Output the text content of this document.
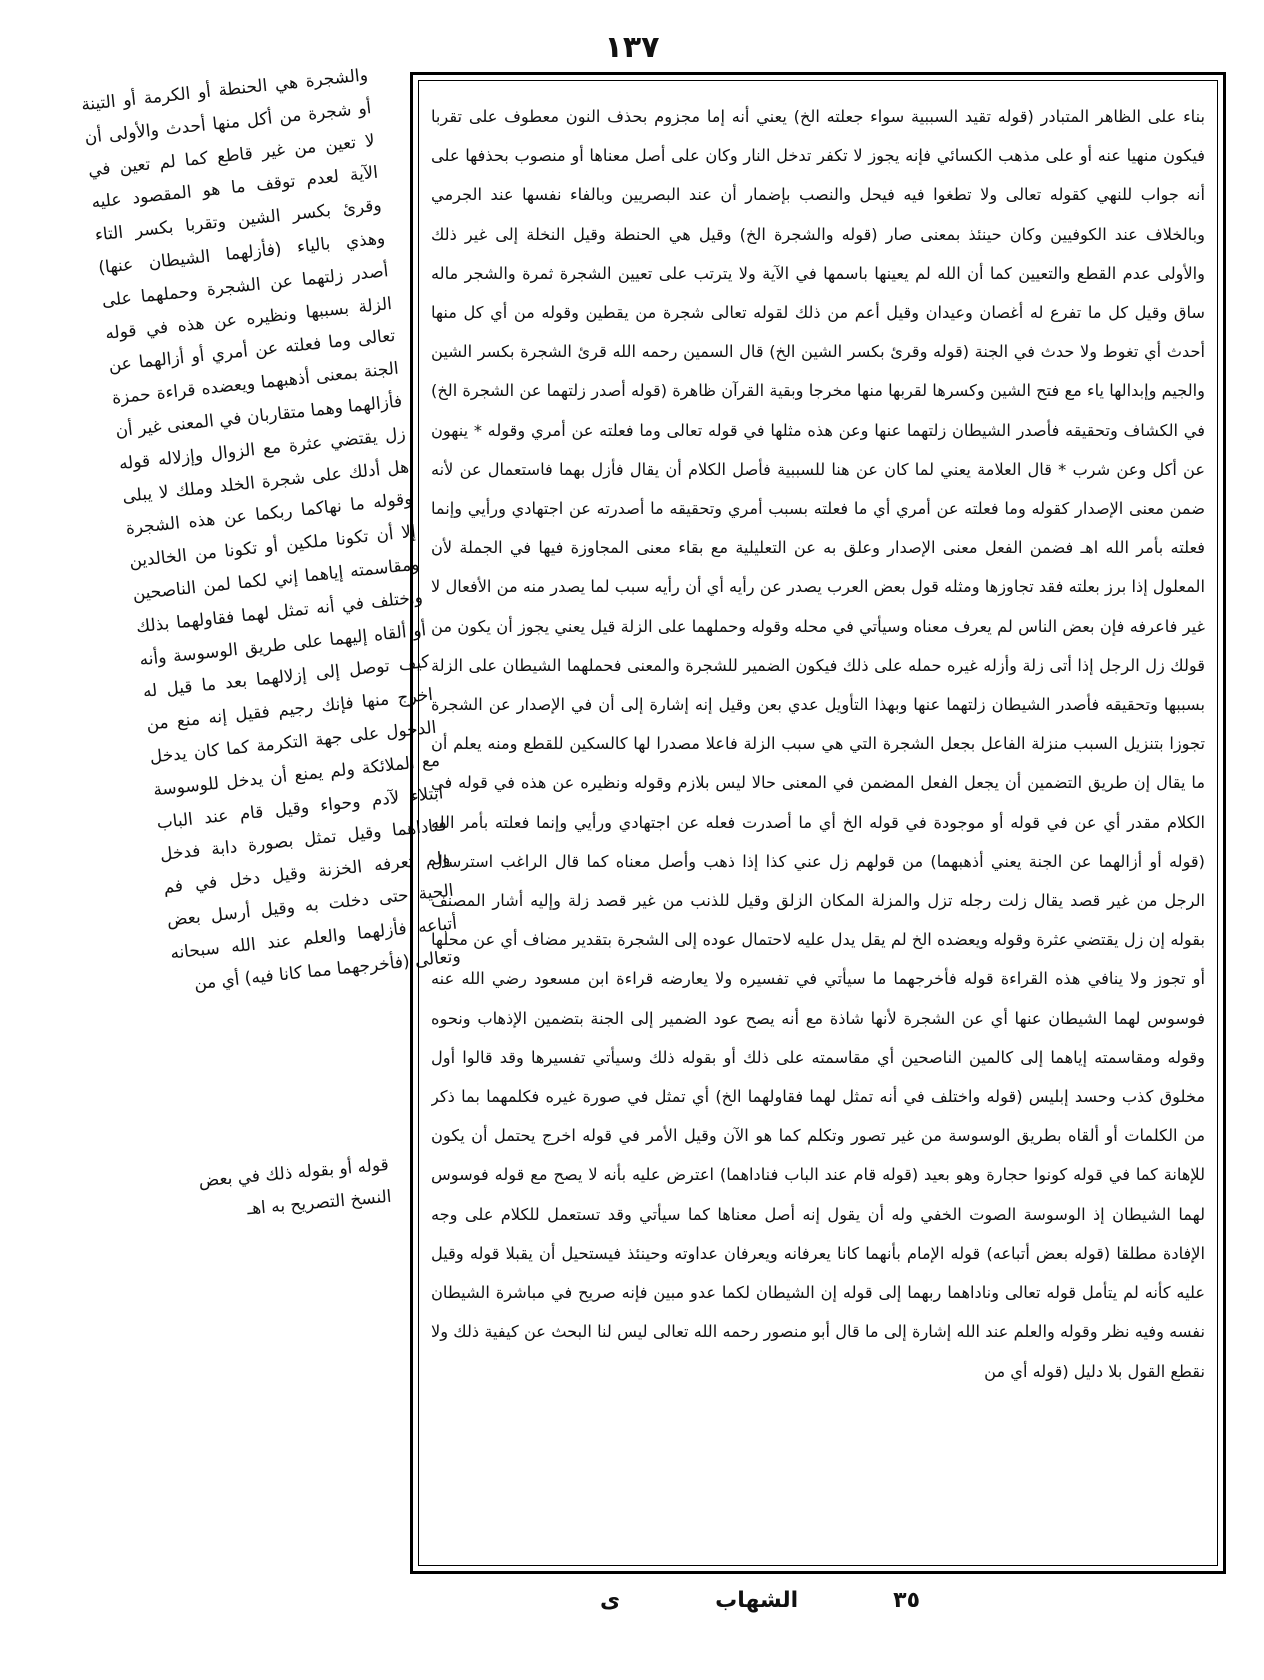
١٣٧
والشجرة هي الحنطة أو الكرمة أو التينة أو شجرة من أكل منها أحدث والأولى أن لا تعين من غير قاطع كما لم تعين في الآية لعدم توقف ما هو المقصود عليه وقرئ بكسر الشين وتقربا بكسر التاء وهذي بالياء (فأزلهما الشيطان عنها) أصدر زلتهما عن الشجرة وحملهما على الزلة بسببها ونظيره عن هذه في قوله تعالى وما فعلته عن أمري أو أزالهما عن الجنة بمعنى أذهبهما ويعضده قراءة حمزة فأزالهما وهما متقاربان في المعنى غير أن زل يقتضي عثرة مع الزوال وإزلاله قوله هل أدلك على شجرة الخلد وملك لا يبلى وقوله ما نهاكما ربكما عن هذه الشجرة إلا أن تكونا ملكين أو تكونا من الخالدين ومقاسمته إياهما إني لكما لمن الناصحين واختلف في أنه تمثل لهما فقاولهما بذلك أو ألقاه إليهما على طريق الوسوسة وأنه كيف توصل إلى إزلالهما بعد ما قيل له اخرج منها فإنك رجيم فقيل إنه منع من الدخول على جهة التكرمة كما كان يدخل مع الملائكة ولم يمنع أن يدخل للوسوسة ابتلاء لآدم وحواء وقيل قام عند الباب فناداهما وقيل تمثل بصورة دابة فدخل ولم تعرفه الخزنة وقيل دخل في فم الحية حتى دخلت به وقيل أرسل بعض أتباعه فأزلهما والعلم عند الله سبحانه وتعالى (فأخرجهما مما كانا فيه) أي من
قوله أو بقوله ذلك في بعض النسخ التصريح به اهـ
بناء على الظاهر المتبادر (قوله تقيد السببية سواء جعلته الخ) يعني أنه إما مجزوم بحذف النون معطوف على تقربا فيكون منهيا عنه أو على مذهب الكسائي فإنه يجوز لا تكفر تدخل النار وكان على أصل معناها أو منصوب بحذفها على أنه جواب للنهي كقوله تعالى ولا تطغوا فيه فيحل والنصب بإضمار أن عند البصريين وبالفاء نفسها عند الجرمي وبالخلاف عند الكوفيين وكان حينئذ بمعنى صار (قوله والشجرة الخ) وقيل هي الحنطة وقيل النخلة إلى غير ذلك والأولى عدم القطع والتعيين كما أن الله لم يعينها باسمها في الآية ولا يترتب على تعيين الشجرة ثمرة والشجر ماله ساق وقيل كل ما تفرع له أغصان وعيدان وقيل أعم من ذلك لقوله تعالى شجرة من يقطين وقوله من أي كل منها أحدث أي تغوط ولا حدث في الجنة (قوله وقرئ بكسر الشين الخ) قال السمين رحمه الله قرئ الشجرة بكسر الشين والجيم وإبدالها ياء مع فتح الشين وكسرها لقربها منها مخرجا وبقية القرآن ظاهرة (قوله أصدر زلتهما عن الشجرة الخ) في الكشاف وتحقيقه فأصدر الشيطان زلتهما عنها وعن هذه مثلها في قوله تعالى وما فعلته عن أمري وقوله * ينهون عن أكل وعن شرب * قال العلامة يعني لما كان عن هنا للسببية فأصل الكلام أن يقال فأزل بهما فاستعمال عن لأنه ضمن معنى الإصدار كقوله وما فعلته عن أمري أي ما فعلته بسبب أمري وتحقيقه ما أصدرته عن اجتهادي ورأيي وإنما فعلته بأمر الله اهـ فضمن الفعل معنى الإصدار وعلق به عن التعليلية مع بقاء معنى المجاوزة فيها في الجملة لأن المعلول إذا برز بعلته فقد تجاوزها ومثله قول بعض العرب يصدر عن رأيه أي أن رأيه سبب لما يصدر منه من الأفعال لا غير فاعرفه فإن بعض الناس لم يعرف معناه وسيأتي في محله وقوله وحملهما على الزلة قيل يعني يجوز أن يكون من قولك زل الرجل إذا أتى زلة وأزله غيره حمله على ذلك فيكون الضمير للشجرة والمعنى فحملهما الشيطان على الزلة بسببها وتحقيقه فأصدر الشيطان زلتهما عنها وبهذا التأويل عدي بعن وقيل إنه إشارة إلى أن في الإصدار عن الشجرة تجوزا بتنزيل السبب منزلة الفاعل بجعل الشجرة التي هي سبب الزلة فاعلا مصدرا لها كالسكين للقطع ومنه يعلم أن ما يقال إن طريق التضمين أن يجعل الفعل المضمن في المعنى حالا ليس بلازم وقوله ونظيره عن هذه في قوله في الكلام مقدر أي عن في قوله أو موجودة في قوله الخ أي ما أصدرت فعله عن اجتهادي ورأيي وإنما فعلته بأمر الله (قوله أو أزالهما عن الجنة يعني أذهبهما) من قولهم زل عني كذا إذا ذهب وأصل معناه كما قال الراغب استرسال الرجل من غير قصد يقال زلت رجله تزل والمزلة المكان الزلق وقيل للذنب من غير قصد زلة وإليه أشار المصنف بقوله إن زل يقتضي عثرة وقوله ويعضده الخ لم يقل يدل عليه لاحتمال عوده إلى الشجرة بتقدير مضاف أي عن محلها أو تجوز ولا ينافي هذه القراءة قوله فأخرجهما ما سيأتي في تفسيره ولا يعارضه قراءة ابن مسعود رضي الله عنه فوسوس لهما الشيطان عنها أي عن الشجرة لأنها شاذة مع أنه يصح عود الضمير إلى الجنة بتضمين الإذهاب ونحوه وقوله ومقاسمته إياهما إلى كالمين الناصحين أي مقاسمته على ذلك أو بقوله ذلك وسيأتي تفسيرها وقد قالوا أول مخلوق كذب وحسد إبليس (قوله واختلف في أنه تمثل لهما فقاولهما الخ) أي تمثل في صورة غيره فكلمهما بما ذكر من الكلمات أو ألقاه بطريق الوسوسة من غير تصور وتكلم كما هو الآن وقيل الأمر في قوله اخرج يحتمل أن يكون للإهانة كما في قوله كونوا حجارة وهو بعيد (قوله قام عند الباب فناداهما) اعترض عليه بأنه لا يصح مع قوله فوسوس لهما الشيطان إذ الوسوسة الصوت الخفي وله أن يقول إنه أصل معناها كما سيأتي وقد تستعمل للكلام على وجه الإفادة مطلقا (قوله بعض أتباعه) قوله الإمام بأنهما كانا يعرفانه ويعرفان عداوته وحينئذ فيستحيل أن يقبلا قوله وقيل عليه كأنه لم يتأمل قوله تعالى وناداهما ربهما إلى قوله إن الشيطان لكما عدو مبين فإنه صريح في مباشرة الشيطان نفسه وفيه نظر وقوله والعلم عند الله إشارة إلى ما قال أبو منصور رحمه الله تعالى ليس لنا البحث عن كيفية ذلك ولا نقطع القول بلا دليل (قوله أي من
٣٥
الشهاب
ى
